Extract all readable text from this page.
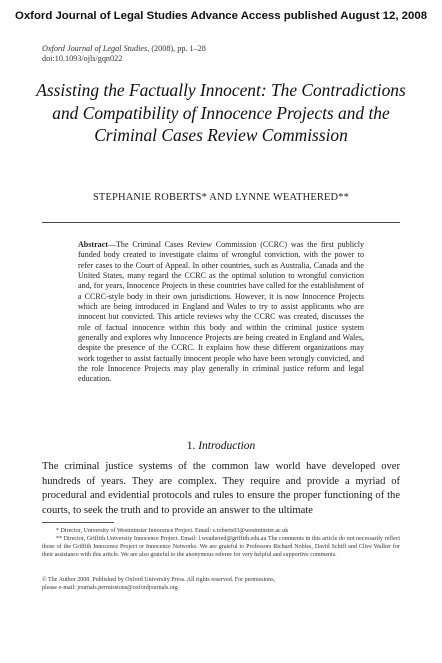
Oxford Journal of Legal Studies Advance Access published August 12, 2008
Oxford Journal of Legal Studies, (2008), pp. 1–28
doi:10.1093/ojls/gqn022
Assisting the Factually Innocent: The Contradictions and Compatibility of Innocence Projects and the Criminal Cases Review Commission
STEPHANIE ROBERTS* AND LYNNE WEATHERED**

Abstract—The Criminal Cases Review Commission (CCRC) was the first publicly funded body created to investigate claims of wrongful conviction, with the power to refer cases to the Court of Appeal. In other countries, such as Australia, Canada and the United States, many regard the CCRC as the optimal solution to wrongful conviction and, for years, Innocence Projects in these countries have called for the establishment of a CCRC-style body in their own jurisdictions. However, it is now Innocence Projects which are being introduced in England and Wales to try to assist applicants who are innocent but convicted. This article reviews why the CCRC was created, discusses the role of factual innocence within this body and within the criminal justice system generally and explores why Innocence Projects are being created in England and Wales, despite the presence of the CCRC. It explains how these different organizations may work together to assist factually innocent people who have been wrongly convicted, and the role Innocence Projects may play generally in criminal justice reform and legal education.

1. Introduction

The criminal justice systems of the common law world have developed over hundreds of years. They are complex. They require and provide a myriad of procedural and evidential protocols and rules to ensure the proper functioning of the courts, to seek the truth and to provide an answer to the ultimate

* Director, University of Westminster Innocence Project. Email: s.roberts03@westminster.ac.uk

** Director, Griffith University Innocence Project. Email: l.weathered@griffith.edu.au The comments in this article do not necessarily reflect those of the Griffith Innocence Project or Innocence Networks. We are grateful to Professors Richard Nobles, David Schiff and Clive Walker for their assistance with this article. We are also grateful to the anonymous referee for very helpful and supportive comments.

© The Author 2008. Published by Oxford University Press. All rights reserved. For permissions,

please e-mail: journals.permissions@oxfordjournals.org
